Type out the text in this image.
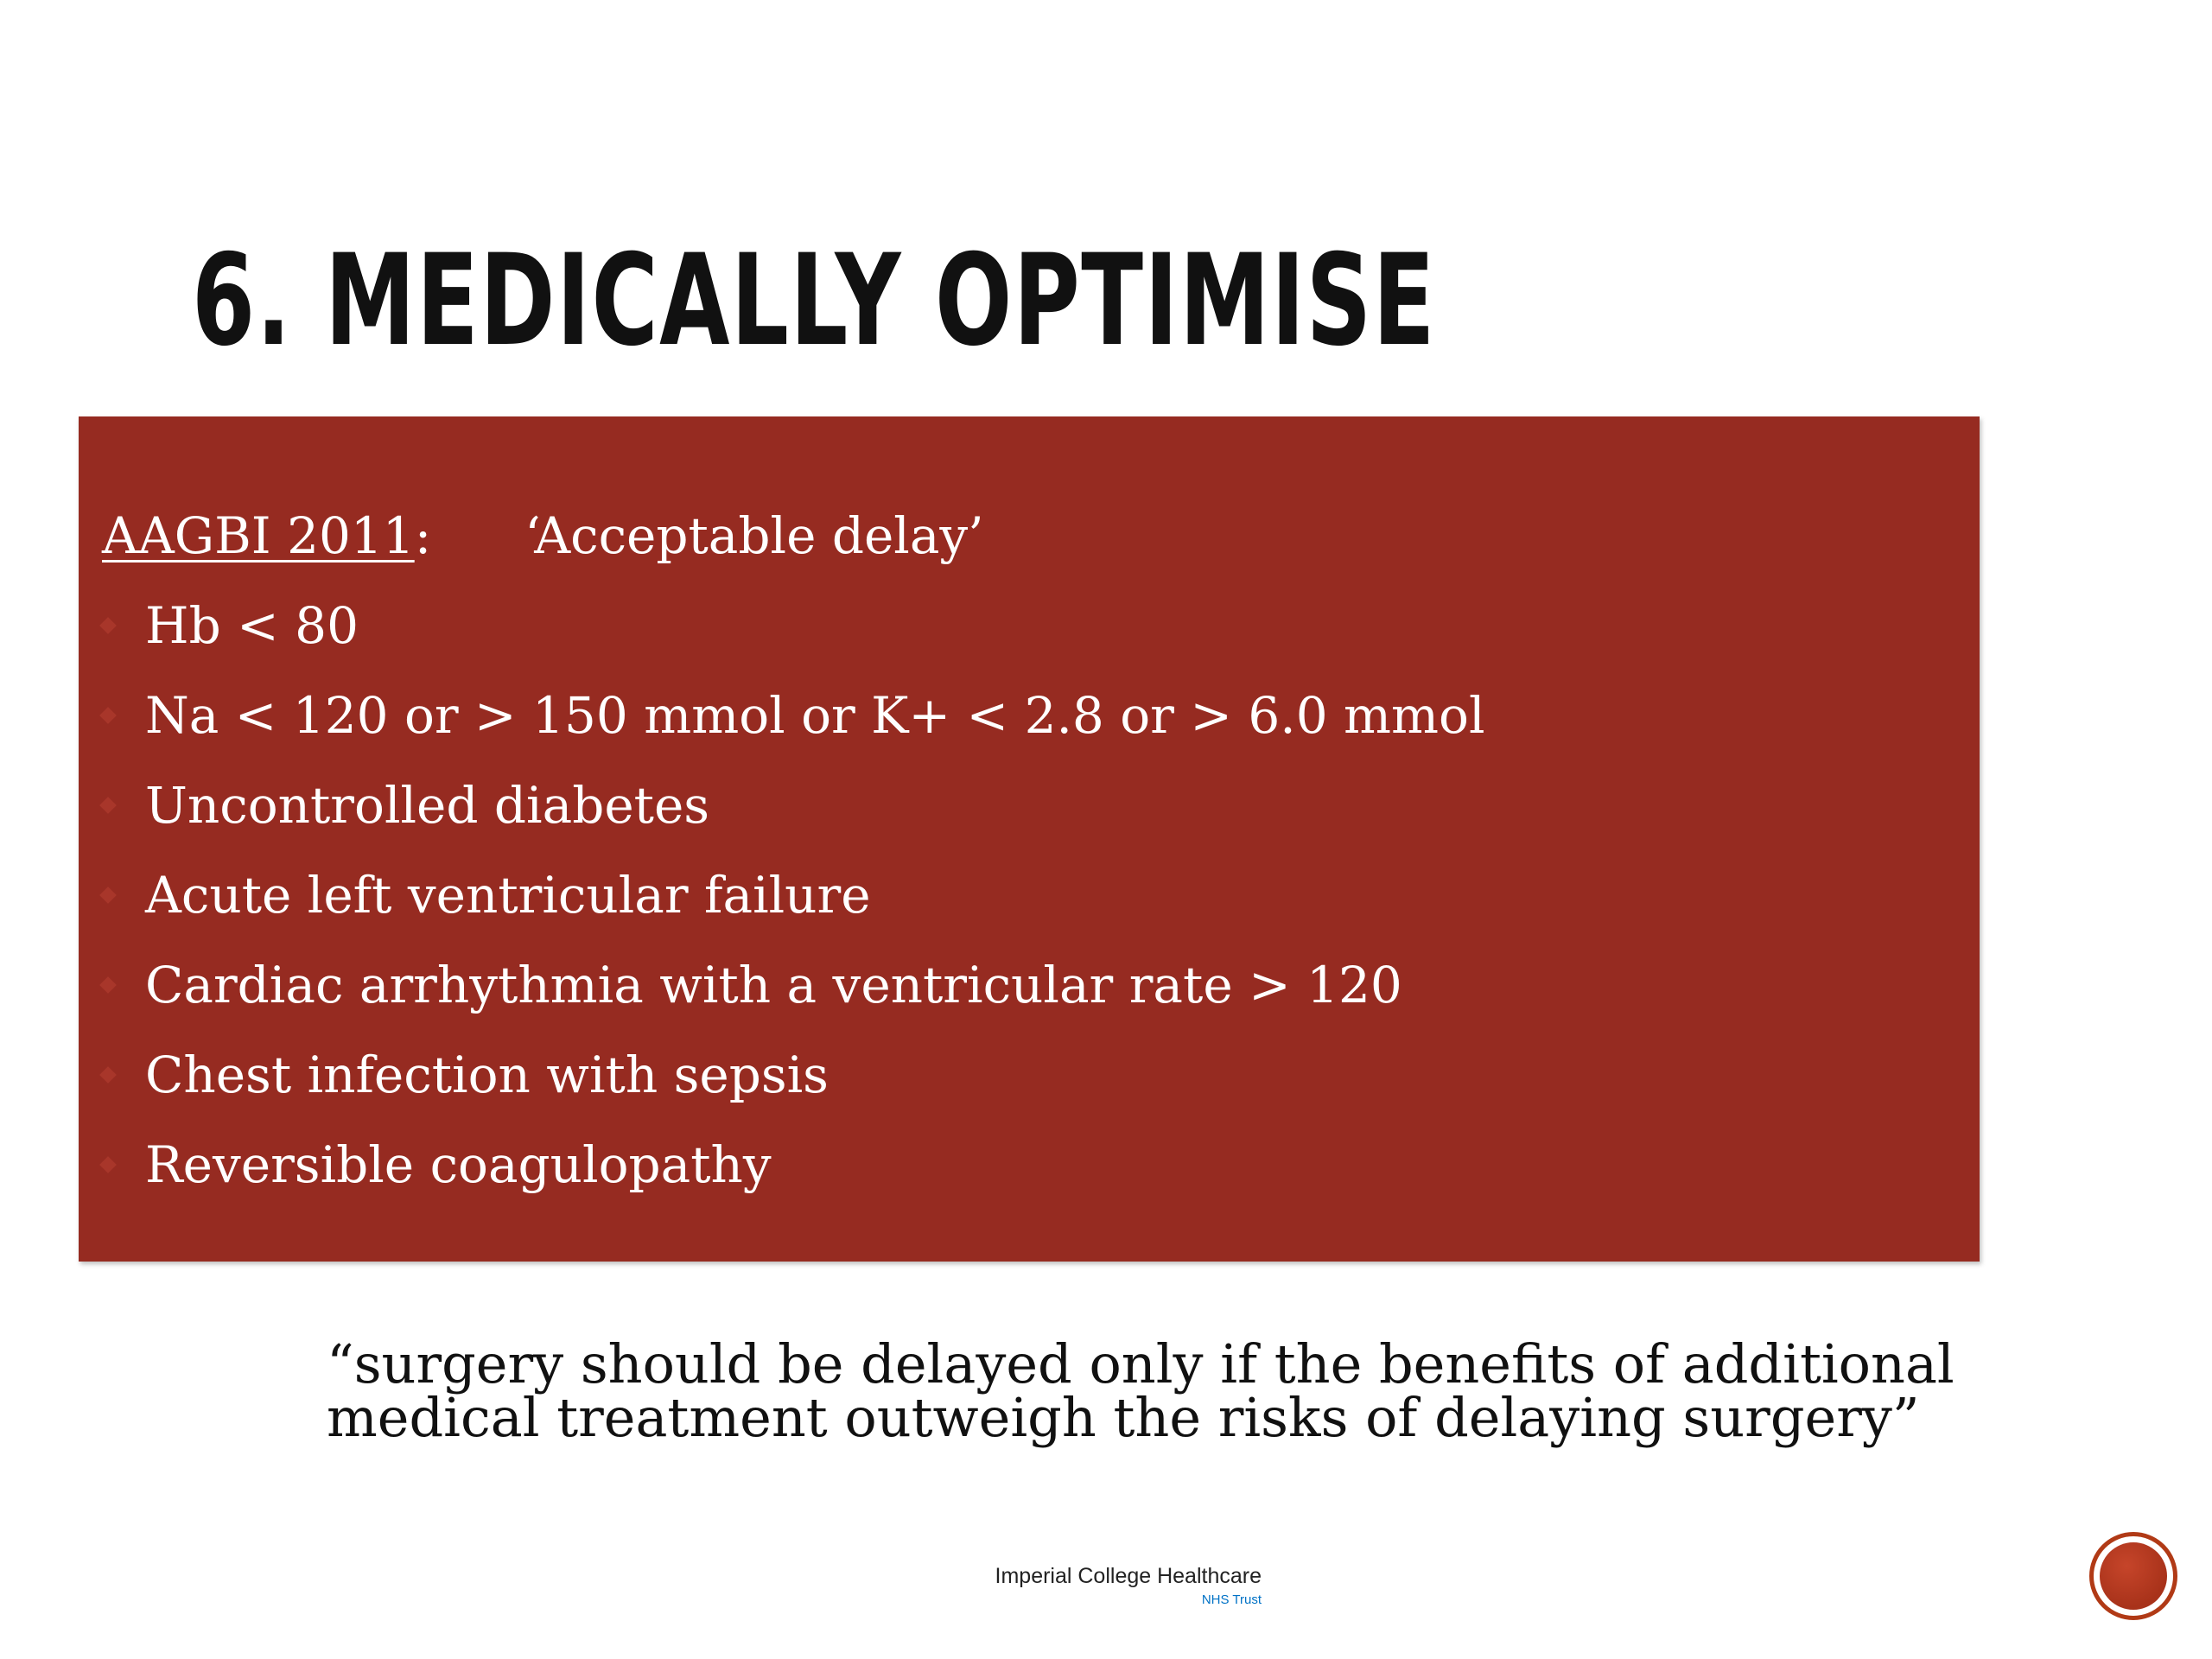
6. MEDICALLY OPTIMISE
AAGBI 2011 : ‘Acceptable delay’
Hb < 80
Na < 120 or > 150 mmol or K+ < 2.8 or > 6.0 mmol
Uncontrolled diabetes
Acute left ventricular failure
Cardiac arrhythmia with a ventricular rate > 120
Chest infection with sepsis
Reversible coagulopathy
“surgery should be delayed only if the benefits of additional
medical treatment outweigh the risks of delaying surgery”
Imperial College Healthcare
NHS Trust
